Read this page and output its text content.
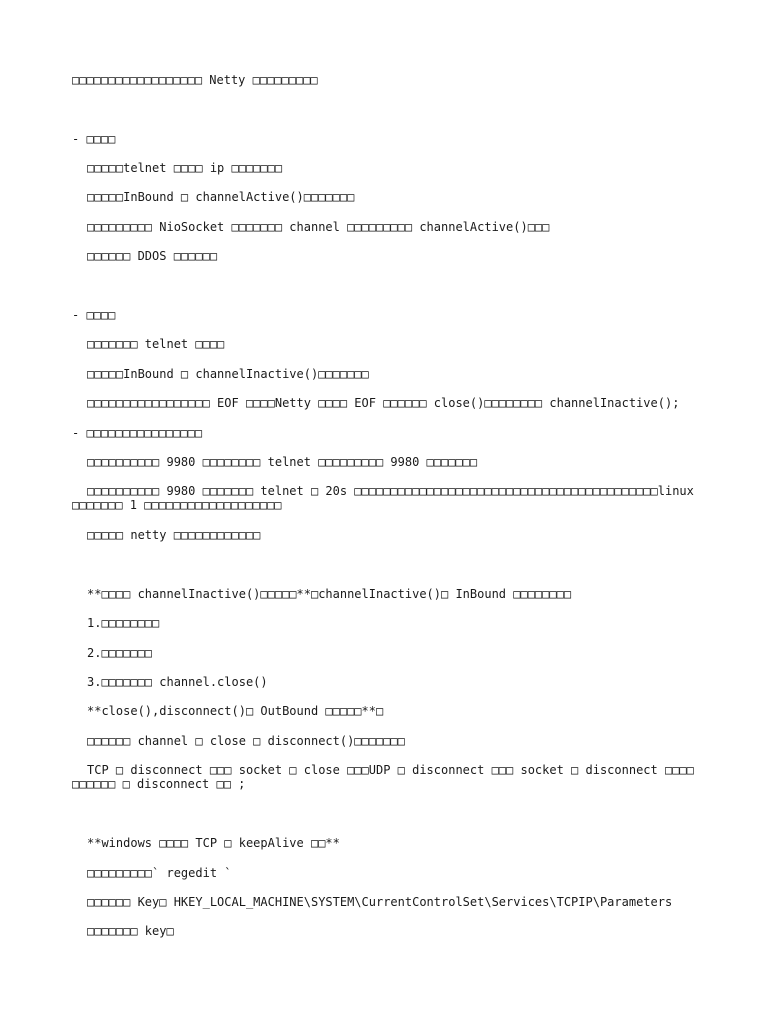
□□□□□□□□□□□□□□□□□□ Netty □□□□□□□□□
- □□□□
□□□□□telnet □□□□ ip □□□□□□□
□□□□□InBound □ channelActive()□□□□□□□
□□□□□□□□□ NioSocket □□□□□□□ channel □□□□□□□□□ channelActive()□□□
□□□□□□ DDOS □□□□□□
- □□□□
□□□□□□□ telnet □□□□
□□□□□InBound □ channelInactive()□□□□□□□
□□□□□□□□□□□□□□□□□ EOF □□□□Netty □□□□ EOF □□□□□□ close()□□□□□□□□ channelInactive();
- □□□□□□□□□□□□□□□□
□□□□□□□□□□ 9980 □□□□□□□□ telnet □□□□□□□□□ 9980 □□□□□□□
□□□□□□□□□□ 9980 □□□□□□□ telnet □ 20s □□□□□□□□□□□□□□□□□□□□□□□□□□□□□□□□□□□□□□□□□□linux □□□□□□□ 1 □□□□□□□□□□□□□□□□□□□
□□□□□ netty □□□□□□□□□□□□
**□□□□ channelInactive()□□□□□**□channelInactive()□ InBound □□□□□□□□
1.□□□□□□□□
2.□□□□□□□
3.□□□□□□□ channel.close()
**close(),disconnect()□ OutBound □□□□□**□
□□□□□□ channel □ close □ disconnect()□□□□□□□
TCP □ disconnect □□□ socket □ close □□□UDP □ disconnect □□□ socket □ disconnect □□□□□□□□□□ □ disconnect □□ ;
**windows □□□□ TCP □ keepAlive □□**
□□□□□□□□□` regedit `
□□□□□□ Key□ HKEY_LOCAL_MACHINE\SYSTEM\CurrentControlSet\Services\TCPIP\Parameters
□□□□□□□ key□
